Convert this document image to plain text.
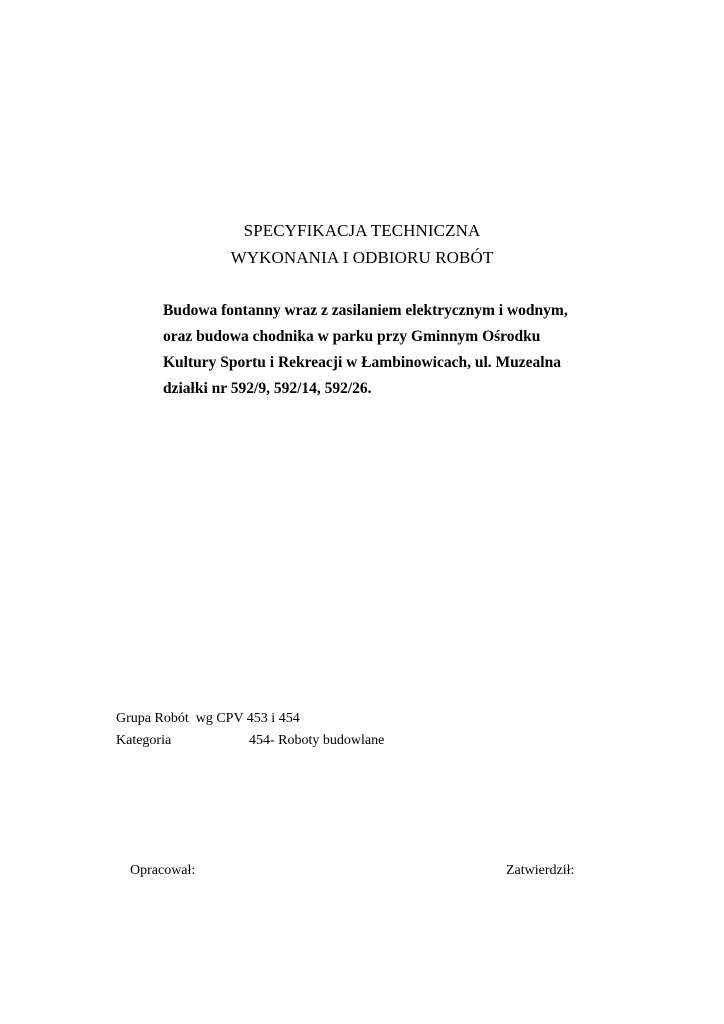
SPECYFIKACJA TECHNICZNA
WYKONANIA I ODBIORU ROBÓT
Budowa fontanny wraz z zasilaniem elektrycznym i wodnym,
oraz budowa chodnika w parku przy Gminnym Ośrodku
Kultury Sportu i Rekreacji w Łambinowicach, ul. Muzealna
działki nr 592/9, 592/14, 592/26.
Grupa Robót  wg CPV 453 i 454
Kategoria	454- Roboty budowlane
Opracował:	Zatwierdził:
